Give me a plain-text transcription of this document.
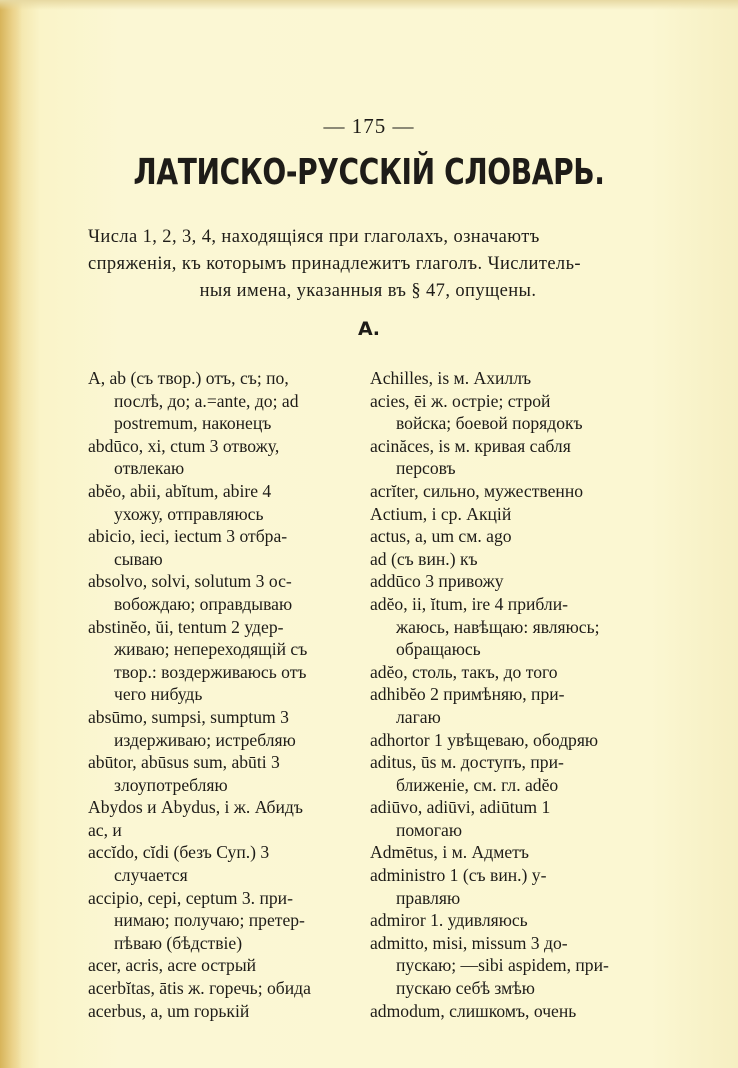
— 175 —
ЛАТИСКО-РУССКІЙ СЛОВАРЬ.
Числа 1, 2, 3, 4, находящіяся при глаголахъ, означаютъ
спряженія, къ которымъ принадлежитъ глаголъ. Числитель-
ныя имена, указанныя въ § 47, опущены.
А.
A, ab (съ твор.) отъ, съ; по,
послѣ, до; a.=ante, до; ad
postremum, наконецъ
abdūco, xi, ctum 3 отвожу,
отвлекаю
abĕo, abii, abĭtum, abire 4
ухожу, отправляюсь
abicio, ieci, iectum 3 отбра-
сываю
absolvo, solvi, solutum 3 ос-
вобождаю; оправдываю
abstinĕo, ŭi, tentum 2 удер-
живаю; непереходящій съ
твор.: воздерживаюсь отъ
чего нибудь
absūmo, sumpsi, sumptum 3
издерживаю; истребляю
abūtor, abūsus sum, abūti 3
злоупотребляю
Abydos и Abydus, i ж. Абидъ
ac, и
accĭdo, cĭdi (безъ Суп.) 3
случается
accipio, cepi, ceptum 3. при-
нимаю; получаю; претер-
пѣваю (бѣдствіе)
acer, acris, acre острый
acerbĭtas, ātis ж. горечь; обида
acerbus, a, um горькій
Achilles, is м. Ахиллъ
acies, ēi ж. остріе; строй
войска; боевой порядокъ
acinăces, is м. кривая сабля
персовъ
acrĭter, сильно, мужественно
Actium, i ср. Акцій
actus, a, um см. ago
ad (съ вин.) къ
addūco 3 привожу
adĕo, ii, ĭtum, ire 4 прибли-
жаюсь, навѣщаю: являюсь;
обращаюсь
adĕo, столь, такъ, до того
adhibĕo 2 примѣняю, при-
лагаю
adhortor 1 увѣщеваю, ободряю
aditus, ūs м. доступъ, при-
ближеніе, см. гл. adĕo
adiūvo, adiūvi, adiūtum 1
помогаю
Admētus, i м. Адметъ
administro 1 (съ вин.) у-
правляю
admiror 1. удивляюсь
admitto, misi, missum 3 до-
пускаю; —sibi aspidem, при-
пускаю себѣ змѣю
admodum, слишкомъ, очень
